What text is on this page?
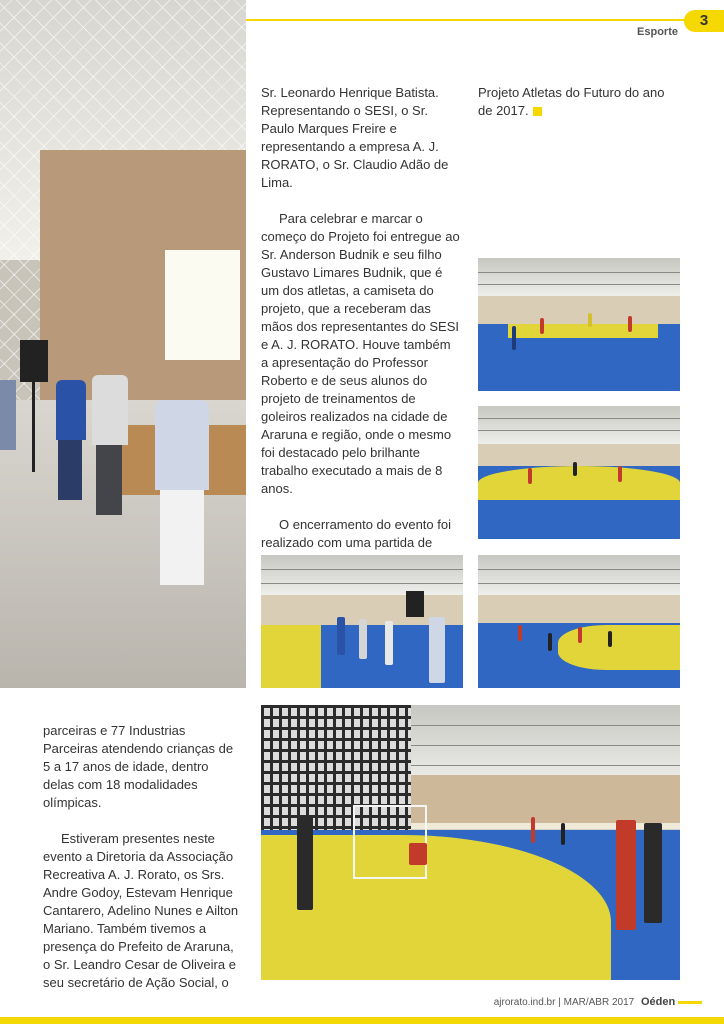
3
Esporte

Sr. Leonardo Henrique Batista. Representando o SESI, o Sr. Paulo Marques Freire e representando a empresa A. J. RORATO, o Sr. Claudio Adão de Lima.

Para celebrar e marcar o começo do Projeto foi entregue ao Sr. Anderson Budnik e seu filho Gustavo Limares Budnik, que é um dos atletas, a camiseta do projeto, que a receberam das mãos dos representantes do SESI e A. J. RORATO. Houve também a apresentação do Professor Roberto e de seus alunos do projeto de treinamentos de goleiros realizados na cidade de Araruna e região, onde o mesmo foi destacado pelo brilhante trabalho executado a mais de 8 anos.

O encerramento do evento foi realizado com uma partida de

Projeto Atletas do Futuro do ano de 2017.

parceiras e 77 Industrias Parceiras atendendo crianças de 5 a 17 anos de idade, dentro delas com 18 modalidades olímpicas.

Estiveram presentes neste evento a Diretoria da Associação Recreativa A. J. Rorato, os Srs. Andre Godoy, Estevam Henrique Cantarero, Adelino Nunes e Ailton Mariano. Também tivemos a presença do Prefeito de Araruna, o Sr. Leandro Cesar de Oliveira e seu secretário de Ação Social, o

ajrorato.ind.br | MAR/ABR 2017 Oéden
